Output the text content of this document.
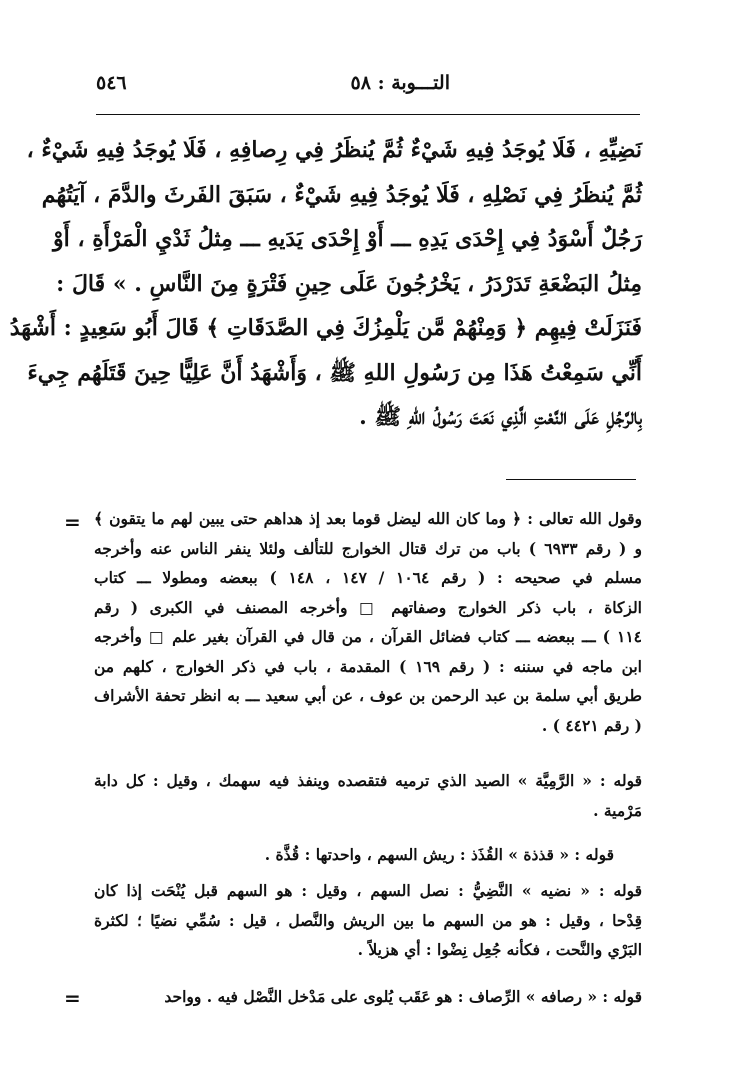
٥٤٦	التـــوبة : ٥٨
نَضِيِّهِ ، فَلَا يُوجَدُ فِيهِ شَيْءٌ ثُمَّ يُنظَرُ فِي رِصافِهِ ، فَلَا يُوجَدُ فِيهِ شَيْءٌ ،
ثُمَّ يُنظَرُ فِي نَصْلِهِ ، فَلَا يُوجَدُ فِيهِ شَيْءٌ ، سَبَقَ الفَرثَ والدَّمَ ، آيَتُهُم
رَجُلٌ أَسْوَدُ فِي إِحْدَى يَدِهِ ـــ أَوْ إِحْدَى يَدَيهِ ـــ مِثلُ ثَدْيِ الْمَرْأَةِ ، أَوْ
مِثلُ البَضْعَةِ تَدَرْدَرُ ، يَخْرُجُونَ عَلَى حِينِ فَتْرَةٍ مِنَ النَّاسِ . » قَالَ :
فَنَزَلَتْ فِيهِم ﴿ وَمِنْهُمْ مَّن يَلْمِزُكَ فِي الصَّدَقَاتِ ﴾ قَالَ أَبُو سَعِيدٍ : أَشْهَدُ
أَنِّي سَمِعْتُ هَذَا مِن رَسُولِ اللهِ ﷺ ، وَأَشْهَدُ أَنَّ عَلِيًّا حِينَ قَتَلَهُم جِيءَ
بِالرَّجُلِ عَلَى النَّعْتِ الَّذِي نَعَتَ رَسُولُ اللهِ ﷺ .
= وقول الله تعالى : ﴿ وما كان الله ليضل قوما بعد إذ هداهم حتى يبين لهم ما يتقون ﴾
و ( رقم ٦٩٣٣ ) باب من ترك قتال الخوارج للتألف ولئلا ينفر الناس عنه وأخرجه
مسلم في صحيحه : ( رقم ١٠٦٤ / ١٤٧ ، ١٤٨ ) ببعضه ومطولا ـــ كتاب
الزكاة ، باب ذكر الخوارج وصفاتهم □ وأخرجه المصنف في الكبرى ( رقم
١١٤ ) ـــ ببعضه ـــ كتاب فضائل القرآن ، من قال في القرآن بغير علم □ وأخرجه
ابن ماجه في سننه : ( رقم ١٦٩ ) المقدمة ، باب في ذكر الخوارج ، كلهم من
طريق أبي سلمة بن عبد الرحمن بن عوف ، عن أبي سعيد ـــ به انظر تحفة الأشراف
( رقم ٤٤٢١ ) .
قوله : « الرَّمِيَّة » الصيد الذي ترميه فتقصده وينفذ فيه سهمك ، وقيل : كل دابة
مَرْمية .
قوله : « قذذة » القُذَذ : ريش السهم ، واحدتها : قُذَّة .
قوله : « نضيه » النَّضِيُّ : نصل السهم ، وقيل : هو السهم قبل يُنْحَت إذا كان
قِدْحا ، وقيل : هو من السهم ما بين الريش والنَّصل ، قيل : سُمِّي نضيًا ؛ لكثرة
البَرْي والنَّحت ، فكأنه جُعِل نِضْوا : أي هزيلاً .
قوله : « رصافه » الرِّصاف : هو عَقَب يُلوى على مَدْخل النَّصْل فيه . وواحد
=
